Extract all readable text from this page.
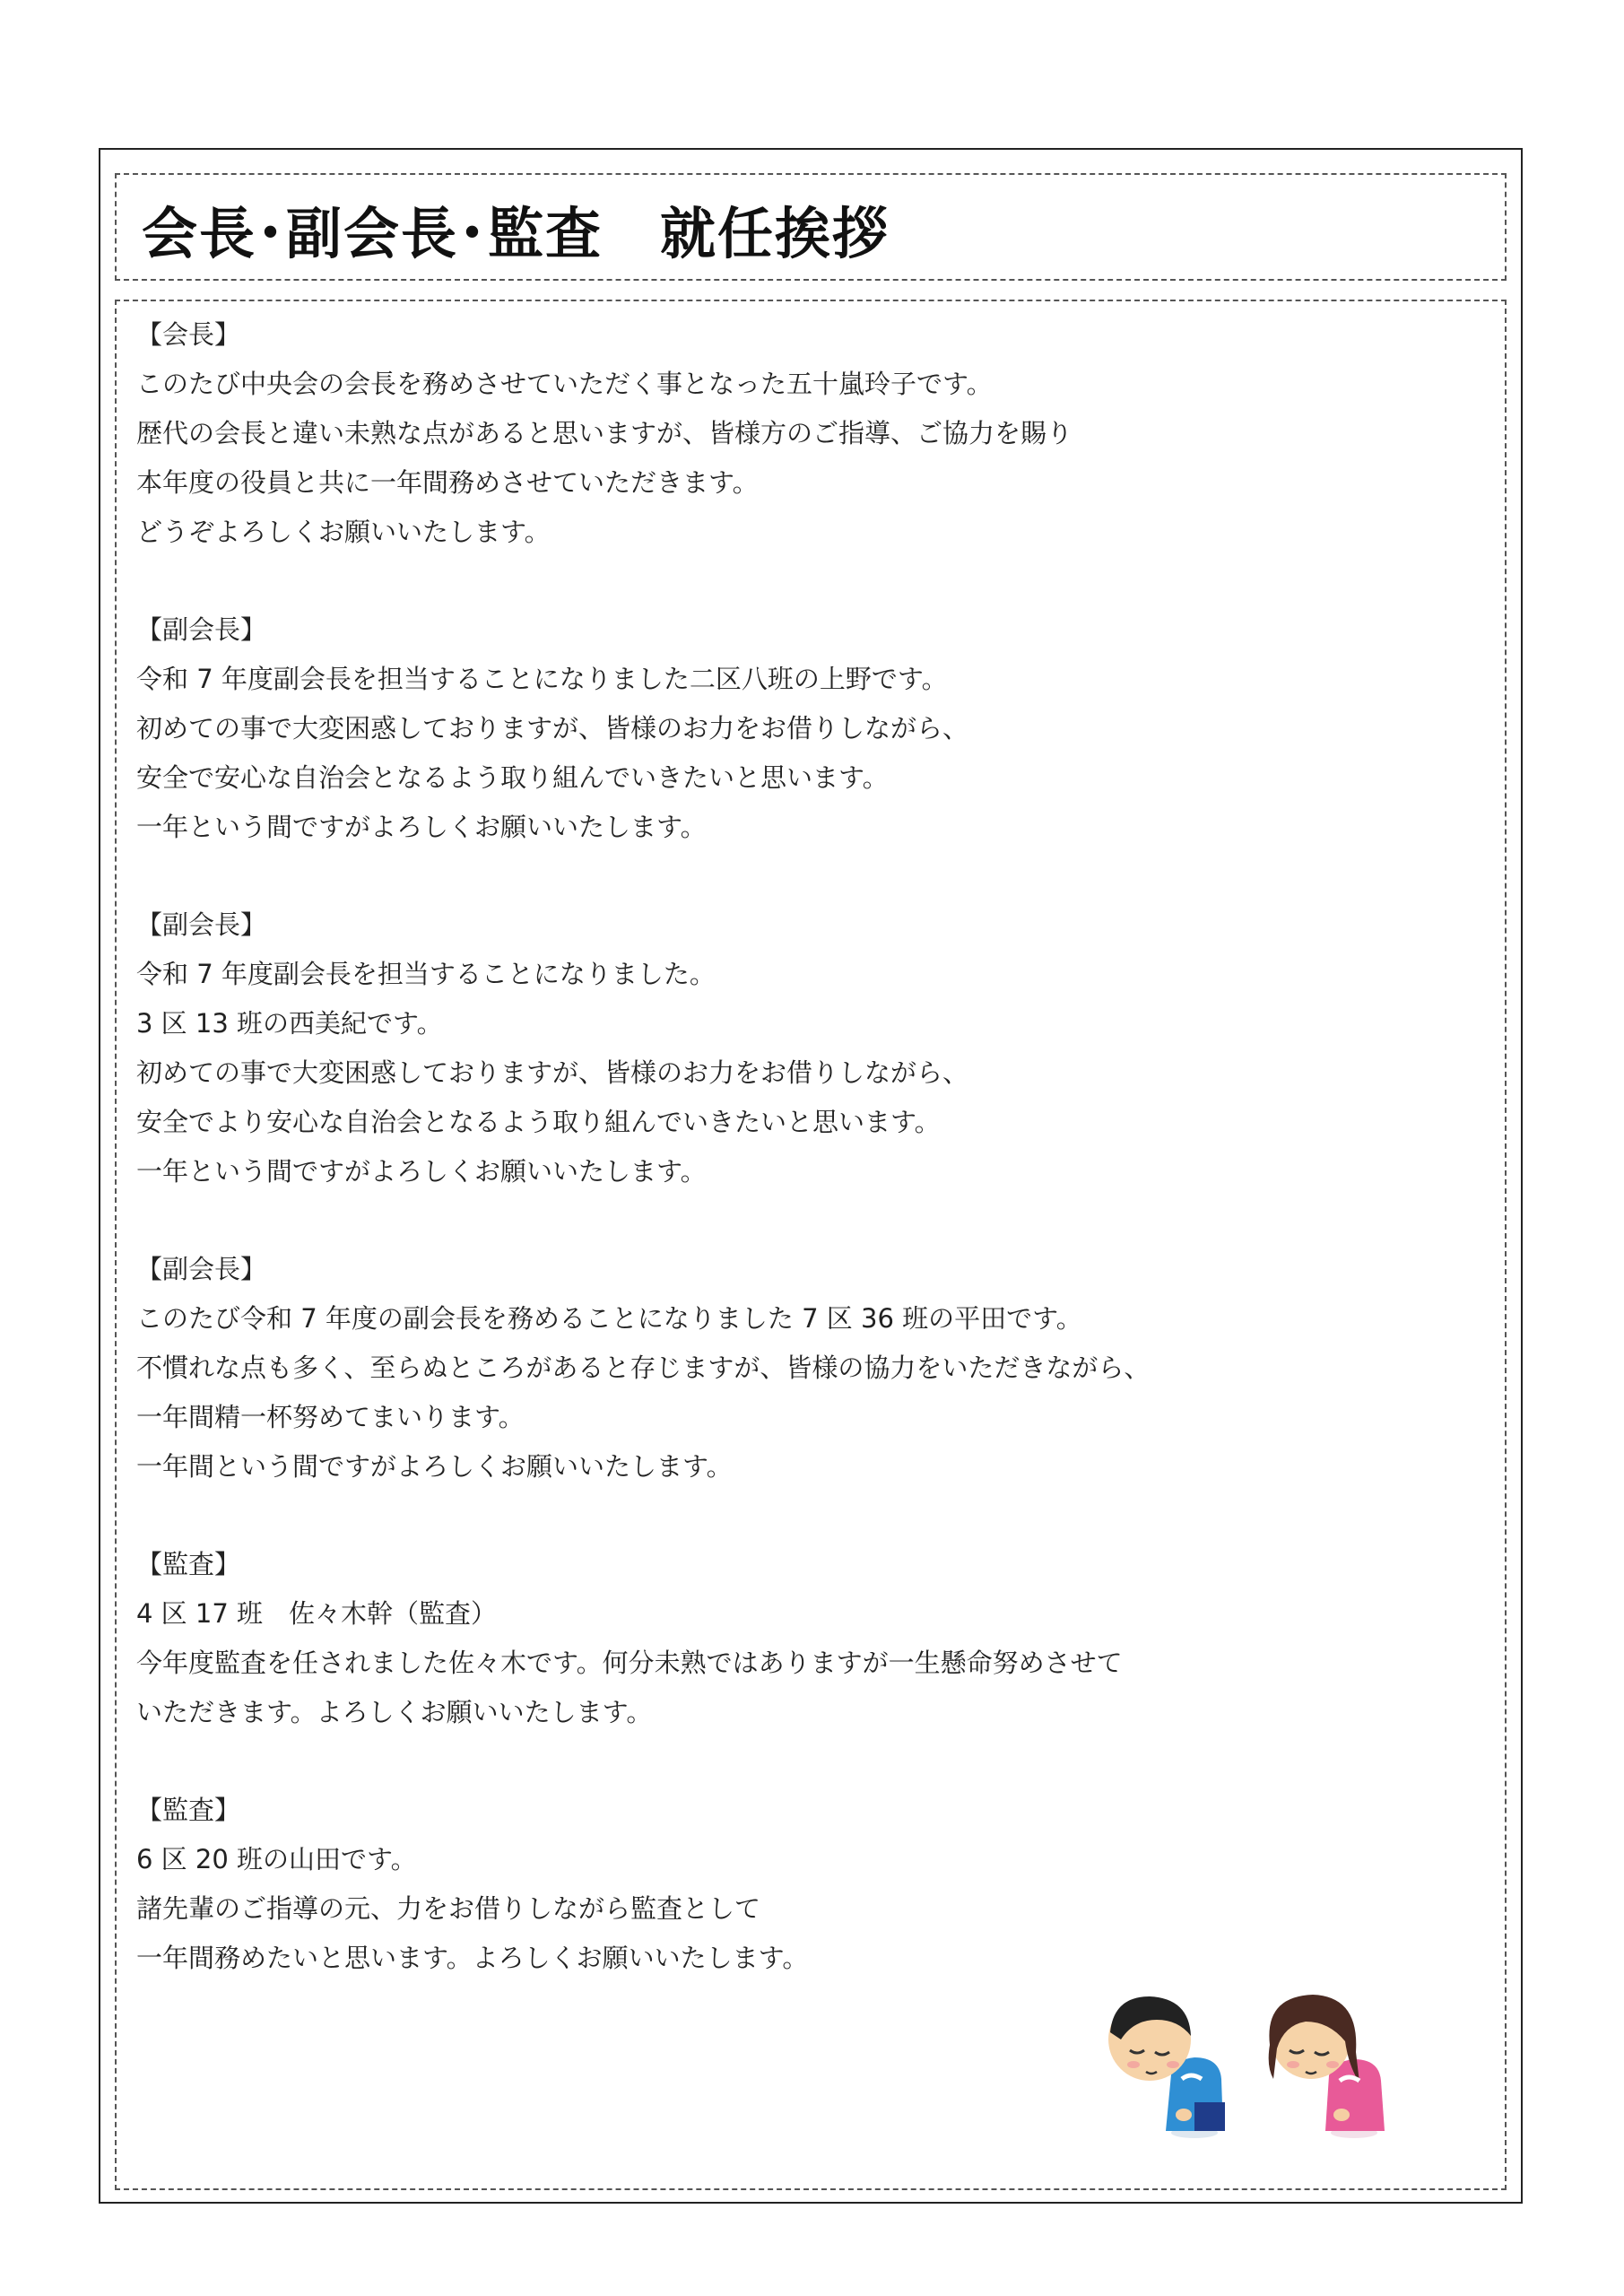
会長･副会長･監査　就任挨拶
【会長】
このたび中央会の会長を務めさせていただく事となった五十嵐玲子です。
歴代の会長と違い未熟な点があると思いますが、皆様方のご指導、ご協力を賜り
本年度の役員と共に一年間務めさせていただきます。
どうぞよろしくお願いいたします。
【副会長】
令和 7 年度副会長を担当することになりました二区八班の上野です。
初めての事で大変困惑しておりますが、皆様のお力をお借りしながら、
安全で安心な自治会となるよう取り組んでいきたいと思います。
一年という間ですがよろしくお願いいたします。
【副会長】
令和 7 年度副会長を担当することになりました。
3 区 13 班の西美紀です。
初めての事で大変困惑しておりますが、皆様のお力をお借りしながら、
安全でより安心な自治会となるよう取り組んでいきたいと思います。
一年という間ですがよろしくお願いいたします。
【副会長】
このたび令和 7 年度の副会長を務めることになりました 7 区 36 班の平田です。
不慣れな点も多く、至らぬところがあると存じますが、皆様の協力をいただきながら、
一年間精一杯努めてまいります。
一年間という間ですがよろしくお願いいたします。
【監査】
4 区 17 班　佐々木幹（監査）
今年度監査を任されました佐々木です。何分未熟ではありますが一生懸命努めさせて
いただきます。よろしくお願いいたします。
【監査】
6 区 20 班の山田です。
諸先輩のご指導の元、力をお借りしながら監査として
一年間務めたいと思います。よろしくお願いいたします。
